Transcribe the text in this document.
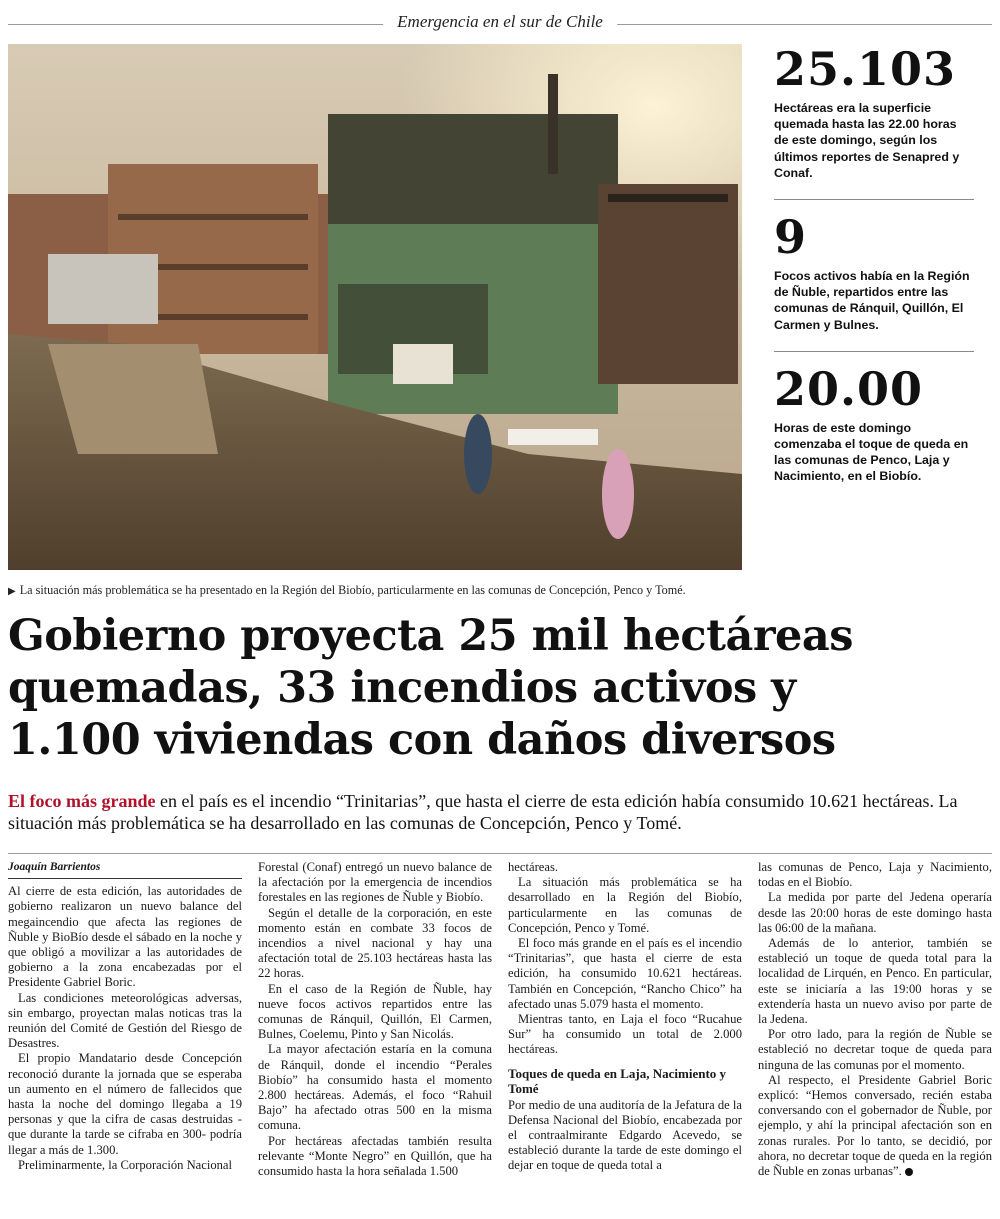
Emergencia en el sur de Chile
▶ La situación más problemática se ha presentado en la Región del Biobío, particularmente en las comunas de Concepción, Penco y Tomé.
25.103
Hectáreas era la superficie quemada hasta las 22.00 horas de este domingo, según los últimos reportes de Senapred y Conaf.
9
Focos activos había en la Región de Ñuble, repartidos entre las comunas de Ránquil, Quillón, El Carmen y Bulnes.
20.00
Horas de este domingo comenzaba el toque de queda en las comunas de Penco, Laja y Nacimiento, en el Biobío.
Gobierno proyecta 25 mil hectáreas
quemadas, 33 incendios activos y
1.100 viviendas con daños diversos
El foco más grande en el país es el incendio “Trinitarias”, que hasta el cierre de esta edición había consumido 10.621 hectáreas. La situación más problemática se ha desarrollado en las comunas de Concepción, Penco y Tomé.
Joaquín Barrientos

Al cierre de esta edición, las autoridades de gobierno realizaron un nuevo balance del megaincendio que afecta las regiones de Ñuble y BioBío desde el sábado en la noche y que obligó a movilizar a las autoridades de gobierno a la zona encabezadas por el Presidente Gabriel Boric.

Las condiciones meteorológicas adversas, sin embargo, proyectan malas noticas tras la reunión del Comité de Gestión del Riesgo de Desastres.

El propio Mandatario desde Concepción reconoció durante la jornada que se esperaba un aumento en el número de fallecidos que hasta la noche del domingo llegaba a 19 personas y que la cifra de casas destruidas - que durante la tarde se cifraba en 300- podría llegar a más de 1.300.

Preliminarmente, la Corporación Nacional

Forestal (Conaf) entregó un nuevo balance de la afectación por la emergencia de incendios forestales en las regiones de Ñuble y Biobío.

Según el detalle de la corporación, en este momento están en combate 33 focos de incendios a nivel nacional y hay una afectación total de 25.103 hectáreas hasta las 22 horas.

En el caso de la Región de Ñuble, hay nueve focos activos repartidos entre las comunas de Ránquil, Quillón, El Carmen, Bulnes, Coelemu, Pinto y San Nicolás.

La mayor afectación estaría en la comuna de Ránquil, donde el incendio “Perales Biobío” ha consumido hasta el momento 2.800 hectáreas. Además, el foco “Rahuil Bajo” ha afectado otras 500 en la misma comuna.

Por hectáreas afectadas también resulta relevante “Monte Negro” en Quillón, que ha consumido hasta la hora señalada 1.500

hectáreas.

La situación más problemática se ha desarrollado en la Región del Biobío, particularmente en las comunas de Concepción, Penco y Tomé.

El foco más grande en el país es el incendio “Trinitarias”, que hasta el cierre de esta edición, ha consumido 10.621 hectáreas. También en Concepción, “Rancho Chico” ha afectado unas 5.079 hasta el momento.

Mientras tanto, en Laja el foco “Rucahue Sur” ha consumido un total de 2.000 hectáreas.

Toques de queda en Laja, Nacimiento y Tomé

Por medio de una auditoría de la Jefatura de la Defensa Nacional del Biobío, encabezada por el contraalmirante Edgardo Acevedo, se estableció durante la tarde de este domingo el dejar en toque de queda total a

las comunas de Penco, Laja y Nacimiento, todas en el Biobío.

La medida por parte del Jedena operaría desde las 20:00 horas de este domingo hasta las 06:00 de la mañana.

Además de lo anterior, también se estableció un toque de queda total para la localidad de Lirquén, en Penco. En particular, este se iniciaría a las 19:00 horas y se extendería hasta un nuevo aviso por parte de la Jedena.

Por otro lado, para la región de Ñuble se estableció no decretar toque de queda para ninguna de las comunas por el momento.

Al respecto, el Presidente Gabriel Boric explicó: “Hemos conversado, recién estaba conversando con el gobernador de Ñuble, por ejemplo, y ahí la principal afectación son en zonas rurales. Por lo tanto, se decidió, por ahora, no decretar toque de queda en la región de Ñuble en zonas urbanas”.
